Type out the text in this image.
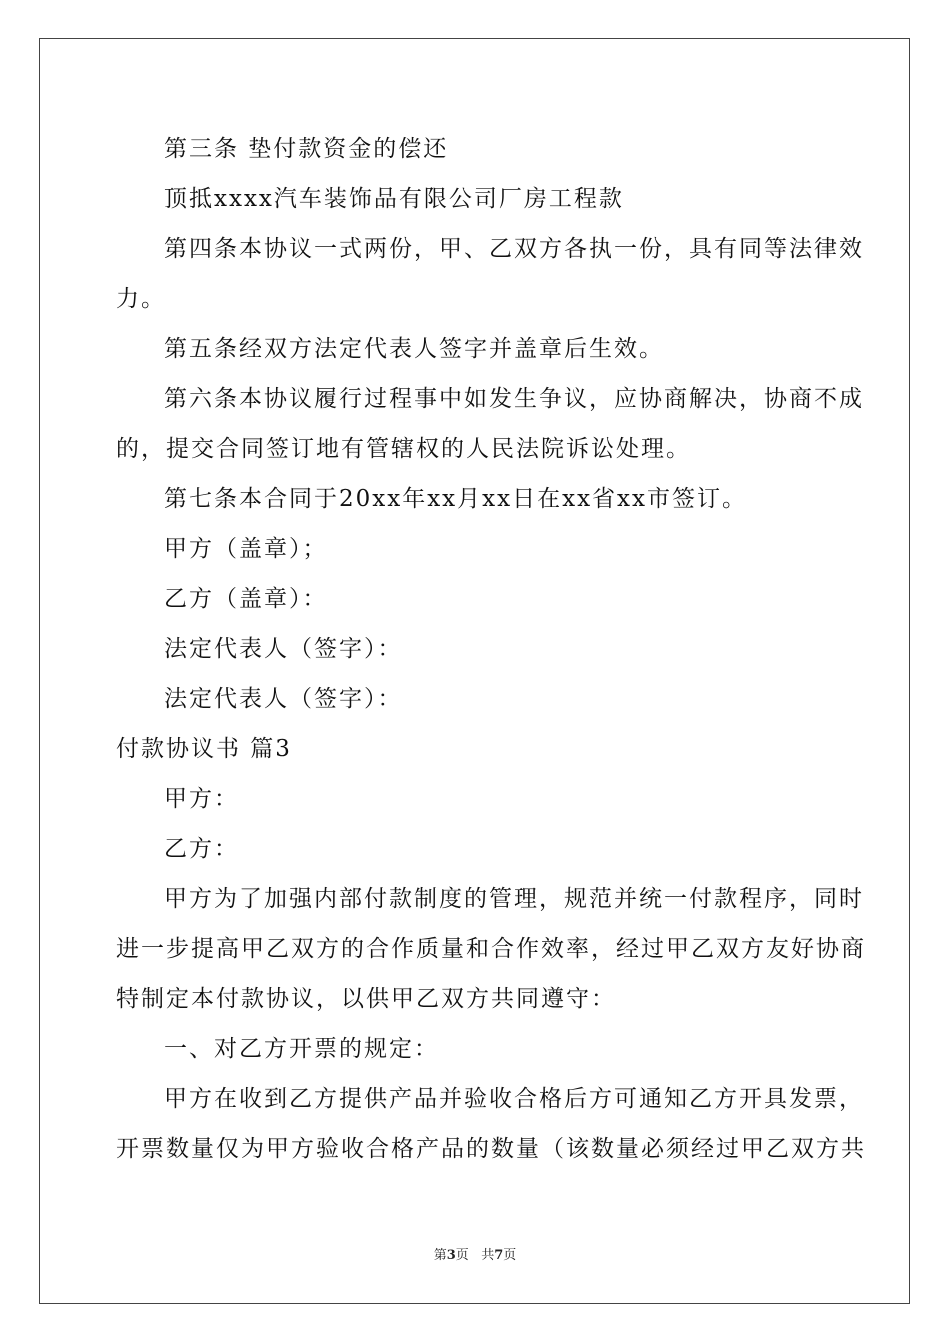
第三条 垫付款资金的偿还
顶抵xxxx汽车装饰品有限公司厂房工程款
第四条本协议一式两份，甲、乙双方各执一份，具有同等法律效
力。
第五条经双方法定代表人签字并盖章后生效。
第六条本协议履行过程事中如发生争议，应协商解决，协商不成
的，提交合同签订地有管辖权的人民法院诉讼处理。
第七条本合同于20xx年xx月xx日在xx省xx市签订。
甲方（盖章）；
乙方（盖章）：
法定代表人（签字）：
法定代表人（签字）：
付款协议书 篇3
甲方：
乙方：
甲方为了加强内部付款制度的管理，规范并统一付款程序，同时
进一步提高甲乙双方的合作质量和合作效率，经过甲乙双方友好协商
特制定本付款协议，以供甲乙双方共同遵守：
一、对乙方开票的规定：
甲方在收到乙方提供产品并验收合格后方可通知乙方开具发票，
开票数量仅为甲方验收合格产品的数量（该数量必须经过甲乙双方共
第3页 共7页
